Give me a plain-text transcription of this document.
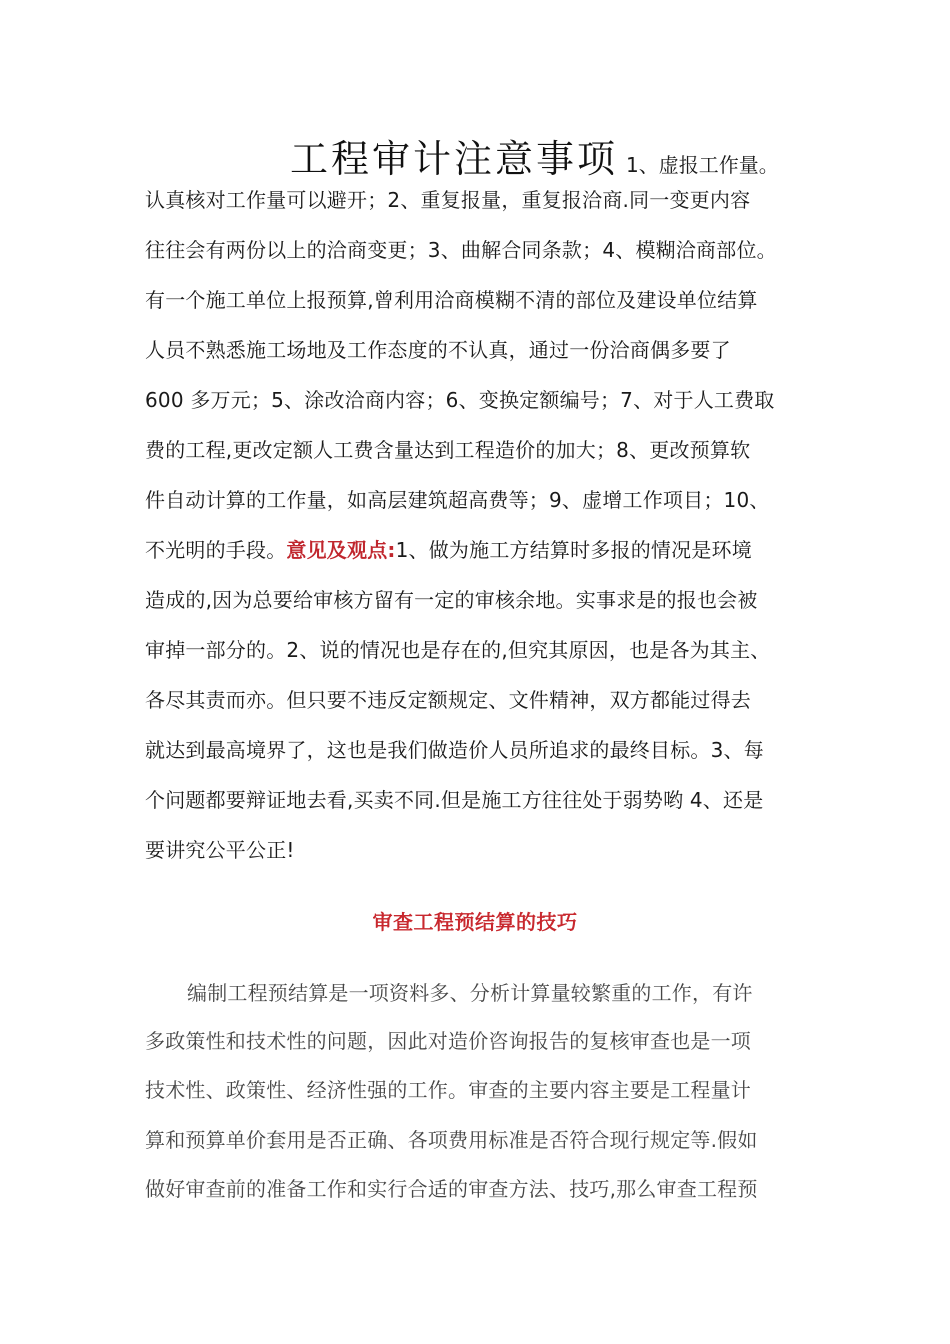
工程审计注意事项 1、虚报工作量。
认真核对工作量可以避开；2、重复报量，重复报洽商.同一变更内容
往往会有两份以上的洽商变更；3、曲解合同条款；4、模糊洽商部位。
有一个施工单位上报预算,曾利用洽商模糊不清的部位及建设单位结算
人员不熟悉施工场地及工作态度的不认真，通过一份洽商偶多要了
600 多万元；5、涂改洽商内容；6、变换定额编号；7、对于人工费取
费的工程,更改定额人工费含量达到工程造价的加大；8、更改预算软
件自动计算的工作量，如高层建筑超高费等；9、虚增工作项目；10、
不光明的手段。意见及观点:1、做为施工方结算时多报的情况是环境
造成的,因为总要给审核方留有一定的审核余地。实事求是的报也会被
审掉一部分的。2、说的情况也是存在的,但究其原因，也是各为其主、
各尽其责而亦。但只要不违反定额规定、文件精神，双方都能过得去
就达到最高境界了，这也是我们做造价人员所追求的最终目标。3、每
个问题都要辩证地去看,买卖不同.但是施工方往往处于弱势哟 4、还是
要讲究公平公正!
审查工程预结算的技巧
编制工程预结算是一项资料多、分析计算量较繁重的工作，有许
多政策性和技术性的问题，因此对造价咨询报告的复核审查也是一项
技术性、政策性、经济性强的工作。审查的主要内容主要是工程量计
算和预算单价套用是否正确、各项费用标准是否符合现行规定等.假如
做好审查前的准备工作和实行合适的审查方法、技巧,那么审查工程预
